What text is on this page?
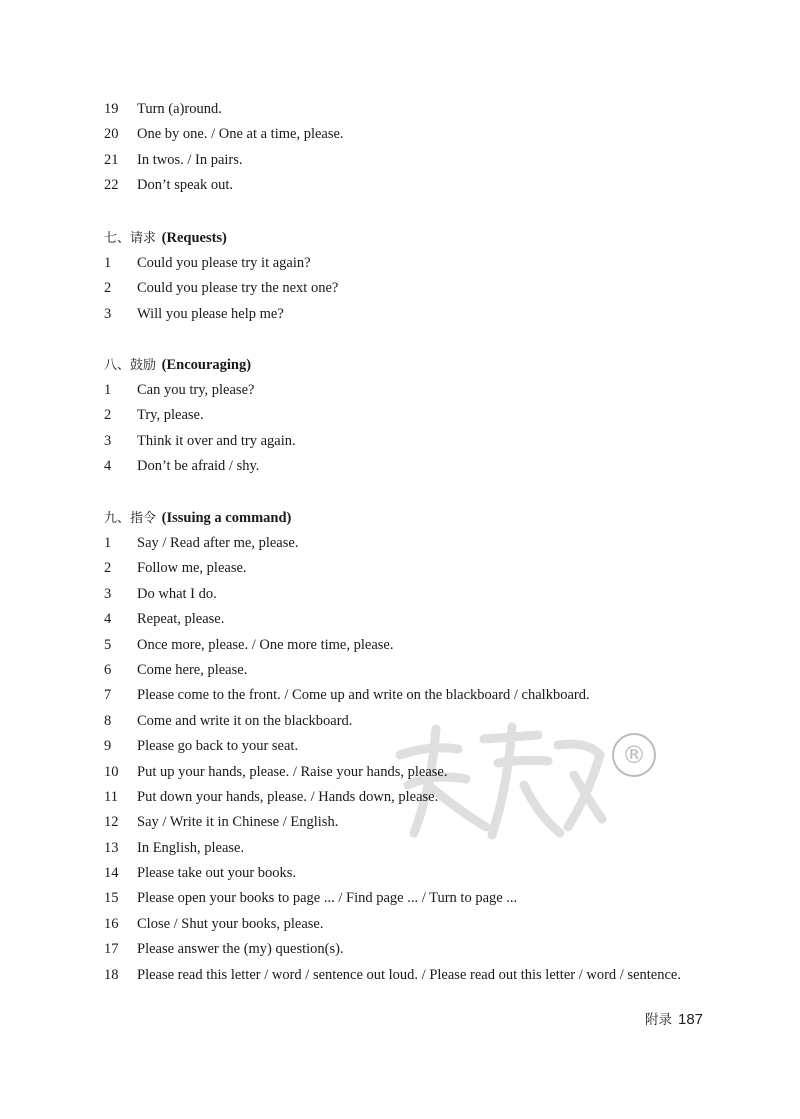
19	Turn (a)round.
20	One by one. / One at a time, please.
21	In twos. / In pairs.
22	Don’t speak out.
七、请求 (Requests)
1	Could you please try it again?
2	Could you please try the next one?
3	Will you please help me?
八、鼓励 (Encouraging)
1	Can you try, please?
2	Try, please.
3	Think it over and try again.
4	Don’t be afraid / shy.
九、指令 (Issuing a command)
1	Say / Read after me, please.
2	Follow me, please.
3	Do what I do.
4	Repeat, please.
5	Once more, please. / One more time, please.
6	Come here, please.
7	Please come to the front. / Come up and write on the blackboard / chalkboard.
8	Come and write it on the blackboard.
9	Please go back to your seat.
10	Put up your hands, please. / Raise your hands, please.
11	Put down your hands, please. / Hands down, please.
12	Say / Write it in Chinese / English.
13	In English, please.
14	Please take out your books.
15	Please open your books to page ... / Find page ... / Turn to page ...
16	Close / Shut your books, please.
17	Please answer the (my) question(s).
18	Please read this letter / word / sentence out loud. / Please read out this letter / word / sentence.
®
附录 187
